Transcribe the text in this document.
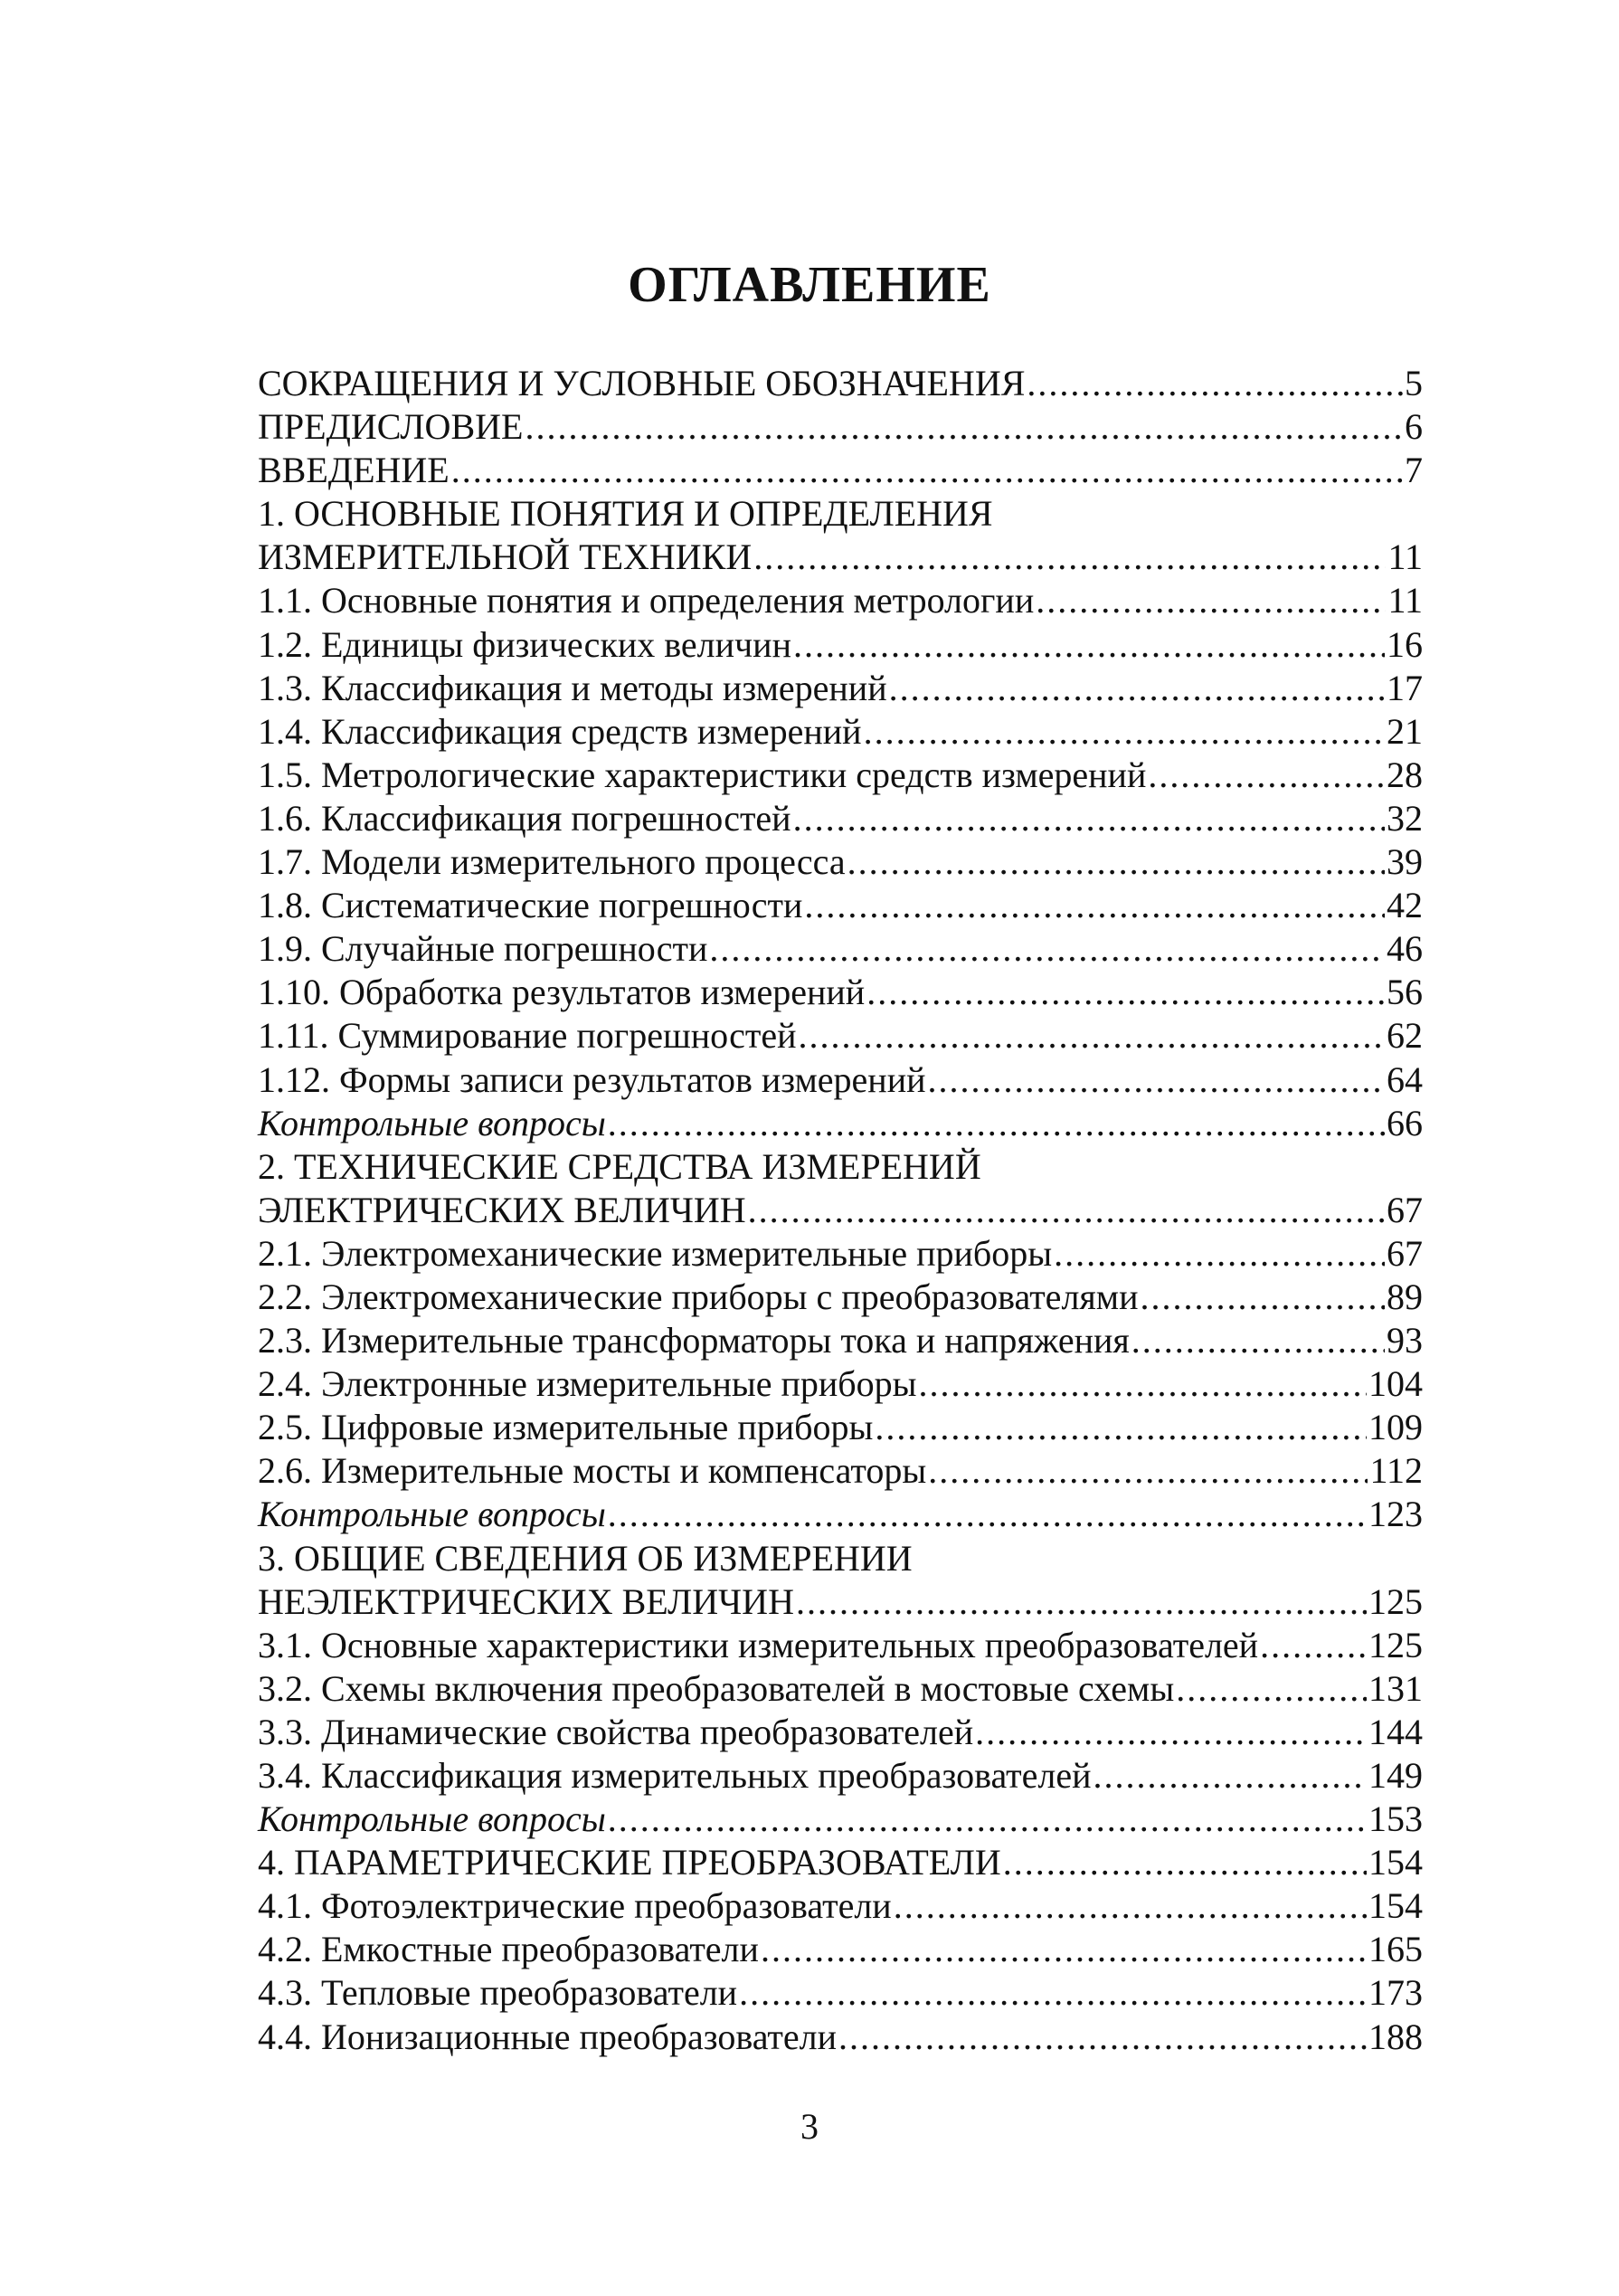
ОГЛАВЛЕНИЕ
СОКРАЩЕНИЯ И УСЛОВНЫЕ ОБОЗНАЧЕНИЯ .....	5
ПРЕДИСЛОВИЕ .....	6
ВВЕДЕНИЕ .....	7
1. ОСНОВНЫЕ ПОНЯТИЯ И ОПРЕДЕЛЕНИЯ
ИЗМЕРИТЕЛЬНОЙ ТЕХНИКИ .....	11
1.1. Основные понятия и определения метрологии .....	11
1.2. Единицы физических величин .....	16
1.3. Классификация и методы измерений .....	17
1.4. Классификация средств измерений .....	21
1.5. Метрологические характеристики средств измерений .....	28
1.6. Классификация погрешностей .....	32
1.7. Модели измерительного процесса .....	39
1.8. Систематические погрешности .....	42
1.9. Случайные погрешности .....	46
1.10. Обработка результатов измерений .....	56
1.11. Суммирование погрешностей .....	62
1.12. Формы записи результатов измерений .....	64
Контрольные вопросы .....	66
2. ТЕХНИЧЕСКИЕ СРЕДСТВА ИЗМЕРЕНИЙ
ЭЛЕКТРИЧЕСКИХ ВЕЛИЧИН .....	67
2.1. Электромеханические измерительные приборы .....	67
2.2. Электромеханические приборы с преобразователями .....	89
2.3. Измерительные трансформаторы тока и напряжения .....	93
2.4. Электронные измерительные приборы .....	104
2.5. Цифровые измерительные приборы .....	109
2.6. Измерительные мосты и компенсаторы .....	112
Контрольные вопросы .....	123
3. ОБЩИЕ СВЕДЕНИЯ ОБ ИЗМЕРЕНИИ
НЕЭЛЕКТРИЧЕСКИХ ВЕЛИЧИН .....	125
3.1. Основные характеристики измерительных преобразователей .....	125
3.2. Схемы включения преобразователей в мостовые схемы .....	131
3.3. Динамические свойства преобразователей .....	144
3.4. Классификация измерительных преобразователей .....	149
Контрольные вопросы .....	153
4. ПАРАМЕТРИЧЕСКИЕ ПРЕОБРАЗОВАТЕЛИ .....	154
4.1. Фотоэлектрические преобразователи .....	154
4.2. Емкостные преобразователи .....	165
4.3. Тепловые преобразователи .....	173
4.4. Ионизационные преобразователи .....	188
3
